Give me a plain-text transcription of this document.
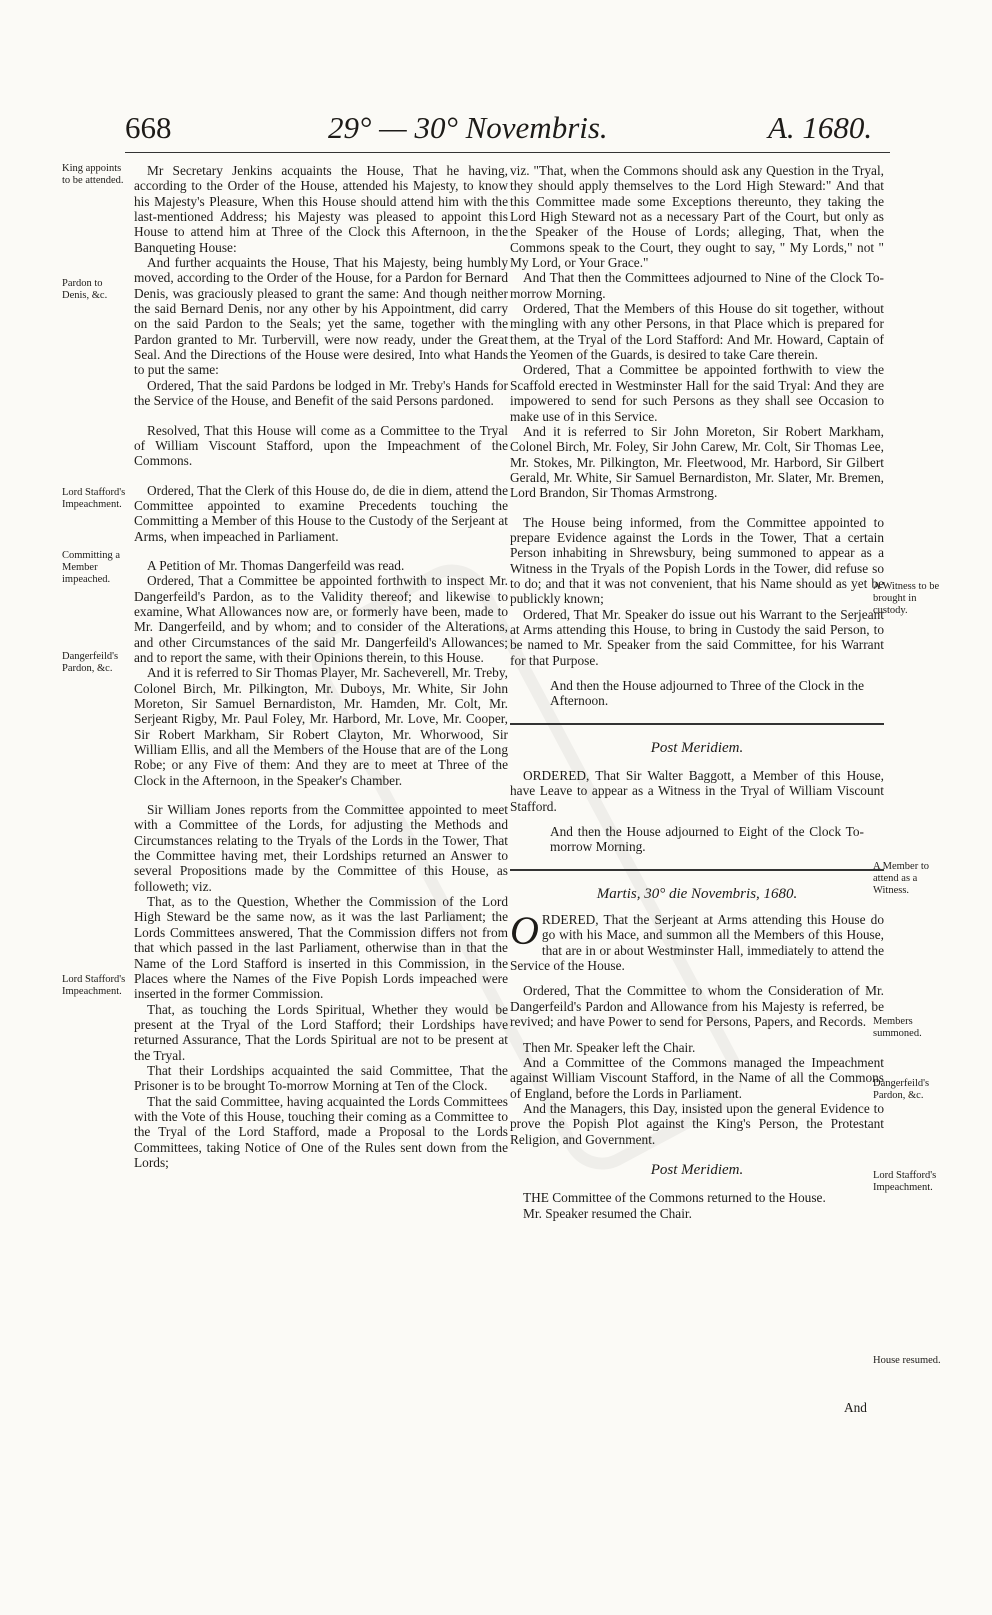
668	29° — 30° Novembris.	A. 1680.
King appoints to be attended.
Pardon to Denis, &c.
Lord Stafford's Impeachment.
Committing a Member impeached.
Dangerfeild's Pardon, &c.
Lord Stafford's Impeachment.
A Witness to be brought in custody.
A Member to attend as a Witness.
Members summoned.
Dangerfeild's Pardon, &c.
Lord Stafford's Impeachment.
House resumed.

Mr Secretary Jenkins acquaints the House, That he having, according to the Order of the House, attended his Majesty, to know his Majesty's Pleasure, When this House should attend him with the last-mentioned Address; his Majesty was pleased to appoint this House to attend him at Three of the Clock this Afternoon, in the Banqueting House:

And further acquaints the House, That his Majesty, being humbly moved, according to the Order of the House, for a Pardon for Bernard Denis, was graciously pleased to grant the same: And though neither the said Bernard Denis, nor any other by his Appointment, did carry on the said Pardon to the Seals; yet the same, together with the Pardon granted to Mr. Turbervill, were now ready, under the Great Seal. And the Directions of the House were desired, Into what Hands to put the same:

Ordered, That the said Pardons be lodged in Mr. Treby's Hands for the Service of the House, and Benefit of the said Persons pardoned.

Resolved, That this House will come as a Committee to the Tryal of William Viscount Stafford, upon the Impeachment of the Commons.

Ordered, That the Clerk of this House do, de die in diem, attend the Committee appointed to examine Precedents touching the Committing a Member of this House to the Custody of the Serjeant at Arms, when impeached in Parliament.

A Petition of Mr. Thomas Dangerfeild was read.

Ordered, That a Committee be appointed forthwith to inspect Mr. Dangerfeild's Pardon, as to the Validity thereof; and likewise to examine, What Allowances now are, or formerly have been, made to Mr. Dangerfeild, and by whom; and to consider of the Alterations, and other Circumstances of the said Mr. Dangerfeild's Allowances; and to report the same, with their Opinions therein, to this House.

And it is referred to Sir Thomas Player, Mr. Sacheverell, Mr. Treby, Colonel Birch, Mr. Pilkington, Mr. Duboys, Mr. White, Sir John Moreton, Sir Samuel Bernardiston, Mr. Hamden, Mr. Colt, Mr. Serjeant Rigby, Mr. Paul Foley, Mr. Harbord, Mr. Love, Mr. Cooper, Sir Robert Markham, Sir Robert Clayton, Mr. Whorwood, Sir William Ellis, and all the Members of the House that are of the Long Robe; or any Five of them: And they are to meet at Three of the Clock in the Afternoon, in the Speaker's Chamber.

Sir William Jones reports from the Committee appointed to meet with a Committee of the Lords, for adjusting the Methods and Circumstances relating to the Tryals of the Lords in the Tower, That the Committee having met, their Lordships returned an Answer to several Propositions made by the Committee of this House, as followeth; viz.

That, as to the Question, Whether the Commission of the Lord High Steward be the same now, as it was the last Parliament; the Lords Committees answered, That the Commission differs not from that which passed in the last Parliament, otherwise than in that the Name of the Lord Stafford is inserted in this Commission, in the Places where the Names of the Five Popish Lords impeached were inserted in the former Commission.

That, as touching the Lords Spiritual, Whether they would be present at the Tryal of the Lord Stafford; their Lordships have returned Assurance, That the Lords Spiritual are not to be present at the Tryal.

That their Lordships acquainted the said Committee, That the Prisoner is to be brought To-morrow Morning at Ten of the Clock.

That the said Committee, having acquainted the Lords Committees with the Vote of this House, touching their coming as a Committee to the Tryal of the Lord Stafford, made a Proposal to the Lords Committees, taking Notice of One of the Rules sent down from the Lords;

viz. "That, when the Commons should ask any Question in the Tryal, they should apply themselves to the Lord High Steward:" And that this Committee made some Exceptions thereunto, they taking the Lord High Steward not as a necessary Part of the Court, but only as the Speaker of the House of Lords; alleging, That, when the Commons speak to the Court, they ought to say, " My Lords," not " My Lord, or Your Grace."

And That then the Committees adjourned to Nine of the Clock To-morrow Morning.

Ordered, That the Members of this House do sit together, without mingling with any other Persons, in that Place which is prepared for them, at the Tryal of the Lord Stafford: And Mr. Howard, Captain of the Yeomen of the Guards, is desired to take Care therein.

Ordered, That a Committee be appointed forthwith to view the Scaffold erected in Westminster Hall for the said Tryal: And they are impowered to send for such Persons as they shall see Occasion to make use of in this Service.

And it is referred to Sir John Moreton, Sir Robert Markham, Colonel Birch, Mr. Foley, Sir John Carew, Mr. Colt, Sir Thomas Lee, Mr. Stokes, Mr. Pilkington, Mr. Fleetwood, Mr. Harbord, Sir Gilbert Gerald, Mr. White, Sir Samuel Bernardiston, Mr. Slater, Mr. Bremen, Lord Brandon, Sir Thomas Armstrong.

The House being informed, from the Committee appointed to prepare Evidence against the Lords in the Tower, That a certain Person inhabiting in Shrewsbury, being summoned to appear as a Witness in the Tryals of the Popish Lords in the Tower, did refuse so to do; and that it was not convenient, that his Name should as yet be publickly known;

Ordered, That Mr. Speaker do issue out his Warrant to the Serjeant at Arms attending this House, to bring in Custody the said Person, to be named to Mr. Speaker from the said Committee, for his Warrant for that Purpose.

And then the House adjourned to Three of the Clock in the Afternoon.

Post Meridiem.

ORDERED, That Sir Walter Baggott, a Member of this House, have Leave to appear as a Witness in the Tryal of William Viscount Stafford.

And then the House adjourned to Eight of the Clock To-morrow Morning.

Martis, 30° die Novembris, 1680.

ORDERED, That the Serjeant at Arms attending this House do go with his Mace, and summon all the Members of this House, that are in or about Westminster Hall, immediately to attend the Service of the House.

Ordered, That the Committee to whom the Consideration of Mr. Dangerfeild's Pardon and Allowance from his Majesty is referred, be revived; and have Power to send for Persons, Papers, and Records.

Then Mr. Speaker left the Chair.

And a Committee of the Commons managed the Impeachment against William Viscount Stafford, in the Name of all the Commons of England, before the Lords in Parliament.

And the Managers, this Day, insisted upon the general Evidence to prove the Popish Plot against the King's Person, the Protestant Religion, and Government.

Post Meridiem.

THE Committee of the Commons returned to the House.

Mr. Speaker resumed the Chair.

And
